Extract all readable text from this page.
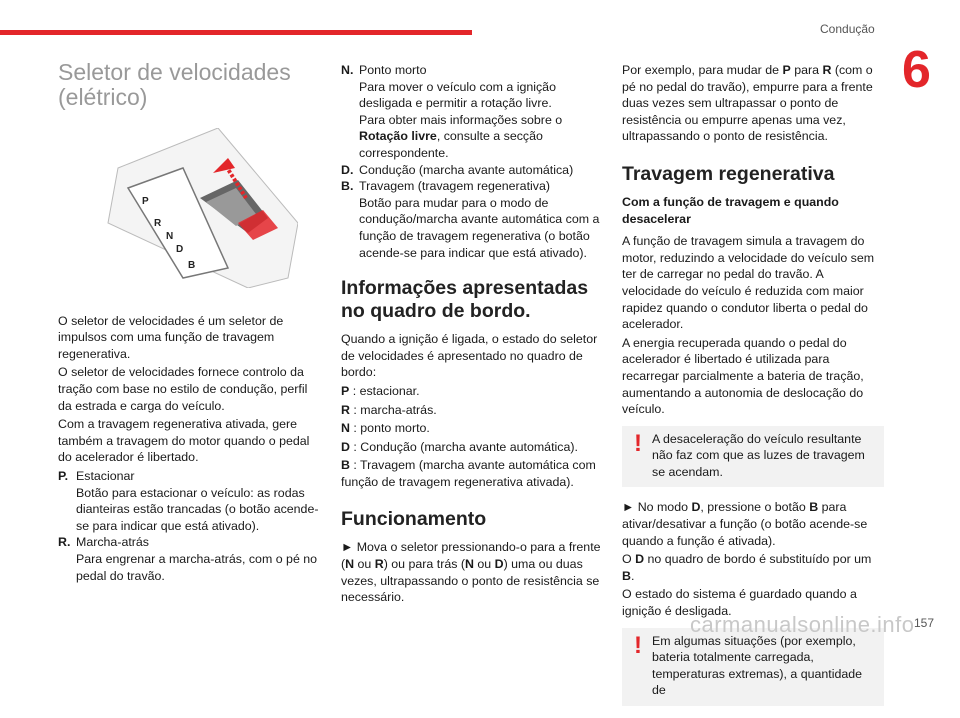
Condução
6
Seletor de velocidades (elétrico)
P
R
N
D
B

O seletor de velocidades é um seletor de impulsos com uma função de travagem regenerativa.

O seletor de velocidades fornece controlo da tração com base no estilo de condução, perfil da estrada e carga do veículo.

Com a travagem regenerativa ativada, gere também a travagem do motor quando o pedal do acelerador é libertado.

P. Estacionar
Botão para estacionar o veículo: as rodas dianteiras estão trancadas (o botão acende-se para indicar que está ativado).
R. Marcha-atrás
Para engrenar a marcha-atrás, com o pé no pedal do travão.
N. Ponto morto
Para mover o veículo com a ignição desligada e permitir a rotação livre.
Para obter mais informações sobre o Rotação livre, consulte a secção correspondente.
D. Condução (marcha avante automática)
B. Travagem (travagem regenerativa)
Botão para mudar para o modo de condução/marcha avante automática com a função de travagem regenerativa (o botão acende-se para indicar que está ativado).
Informações apresentadas no quadro de bordo.

Quando a ignição é ligada, o estado do seletor de velocidades é apresentado no quadro de bordo:

P : estacionar.

R : marcha-atrás.

N : ponto morto.

D : Condução (marcha avante automática).

B : Travagem (marcha avante automática com função de travagem regenerativa ativada).

Funcionamento

► Mova o seletor pressionando-o para a frente (N ou R) ou para trás (N ou D) uma ou duas vezes, ultrapassando o ponto de resistência se necessário.

Por exemplo, para mudar de P para R (com o pé no pedal do travão), empurre para a frente duas vezes sem ultrapassar o ponto de resistência ou empurre apenas uma vez, ultrapassando o ponto de resistência.

Travagem regenerativa
Com a função de travagem e quando desacelerar

A função de travagem simula a travagem do motor, reduzindo a velocidade do veículo sem ter de carregar no pedal do travão. A velocidade do veículo é reduzida com maior rapidez quando o condutor liberta o pedal do acelerador.

A energia recuperada quando o pedal do acelerador é libertado é utilizada para recarregar parcialmente a bateria de tração, aumentando a autonomia de deslocação do veículo.

! A desaceleração do veículo resultante não faz com que as luzes de travagem se acendam.

► No modo D, pressione o botão B para ativar/desativar a função (o botão acende-se quando a função é ativada).

O D no quadro de bordo é substituído por um B.

O estado do sistema é guardado quando a ignição é desligada.

! Em algumas situações (por exemplo, bateria totalmente carregada, temperaturas extremas), a quantidade de
carmanualsonline.info 157
